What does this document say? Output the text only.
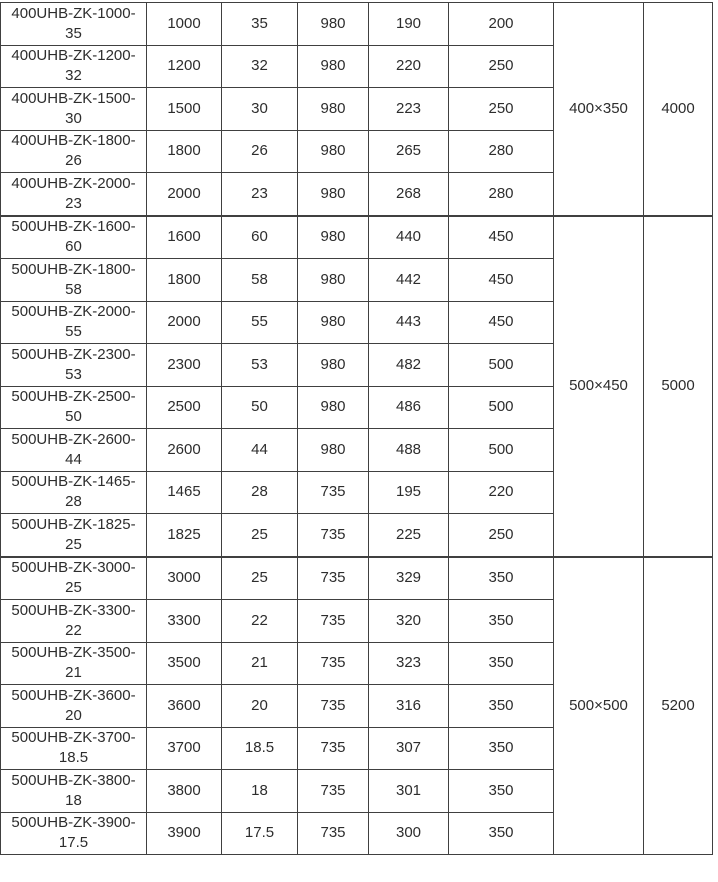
400UHB-ZK-1000-35	1000	35	980	190	200	400×350	4000
400UHB-ZK-1200-32	1200	32	980	220	250		
400UHB-ZK-1500-30	1500	30	980	223	250		
400UHB-ZK-1800-26	1800	26	980	265	280		
400UHB-ZK-2000-23	2000	23	980	268	280		
500UHB-ZK-1600-60	1600	60	980	440	450	500×450	5000
500UHB-ZK-1800-58	1800	58	980	442	450		
500UHB-ZK-2000-55	2000	55	980	443	450		
500UHB-ZK-2300-53	2300	53	980	482	500		
500UHB-ZK-2500-50	2500	50	980	486	500		
500UHB-ZK-2600-44	2600	44	980	488	500		
500UHB-ZK-1465-28	1465	28	735	195	220		
500UHB-ZK-1825-25	1825	25	735	225	250		
500UHB-ZK-3000-25	3000	25	735	329	350	500×500	5200
500UHB-ZK-3300-22	3300	22	735	320	350		
500UHB-ZK-3500-21	3500	21	735	323	350		
500UHB-ZK-3600-20	3600	20	735	316	350		
500UHB-ZK-3700-18.5	3700	18.5	735	307	350		
500UHB-ZK-3800-18	3800	18	735	301	350		
500UHB-ZK-3900-17.5	3900	17.5	735	300	350		
